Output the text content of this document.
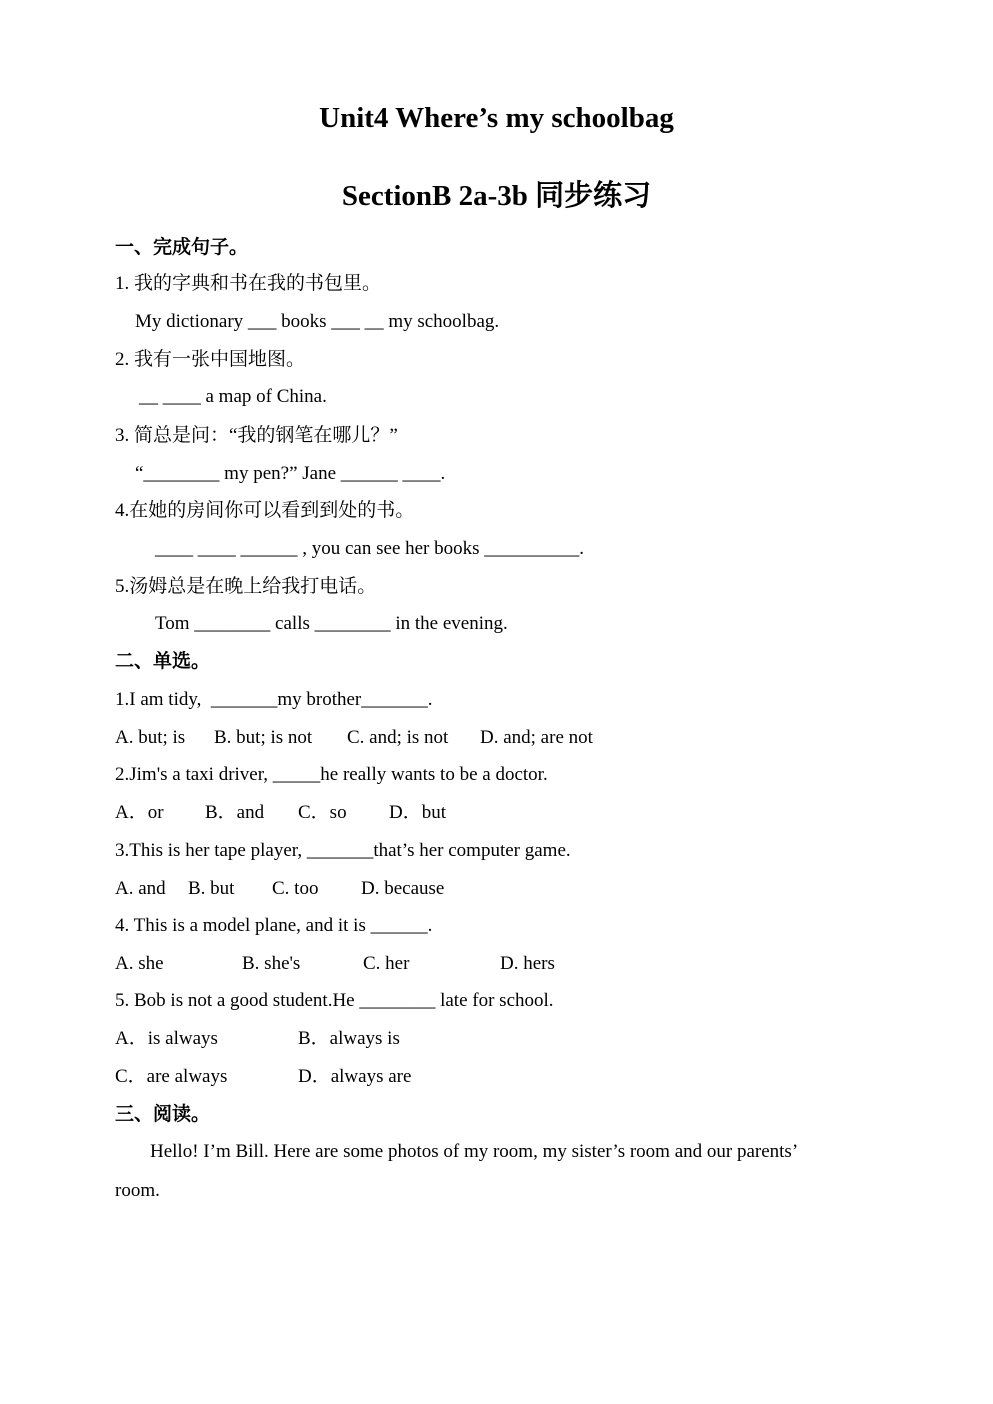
Unit4 Where’s my schoolbag
SectionB 2a-3b 同步练习
一、完成句子。
1. 我的字典和书在我的书包里。
My dictionary ___ books ___ __ my schoolbag.
2. 我有一张中国地图。
__ ____ a map of China.
3. 简总是问：“我的钢笔在哪儿？”
“________ my pen?” Jane ______ ____.
4.在她的房间你可以看到到处的书。
____ ____ ______ , you can see her books __________.
5.汤姆总是在晚上给我打电话。
Tom ________ calls ________ in the evening.
二、单选。
1.I am tidy,  _______my brother_______.
A. but; is B. but; is not C. and; is not D. and; are not
2.Jim's a taxi driver, _____he really wants to be a doctor.
A．or B．and C．so D．but
3.This is her tape player, _______that’s her computer game.
A. and B. but C. too D. because
4. This is a model plane, and it is ______.
A. she	B. she's	C. her	D. hers
5. Bob is not a good student.He ________ late for school.
A．is always	B．always is
C．are always	D．always are
三、阅读。
Hello! I’m Bill. Here are some photos of my room, my sister’s room and our parents’
room.
